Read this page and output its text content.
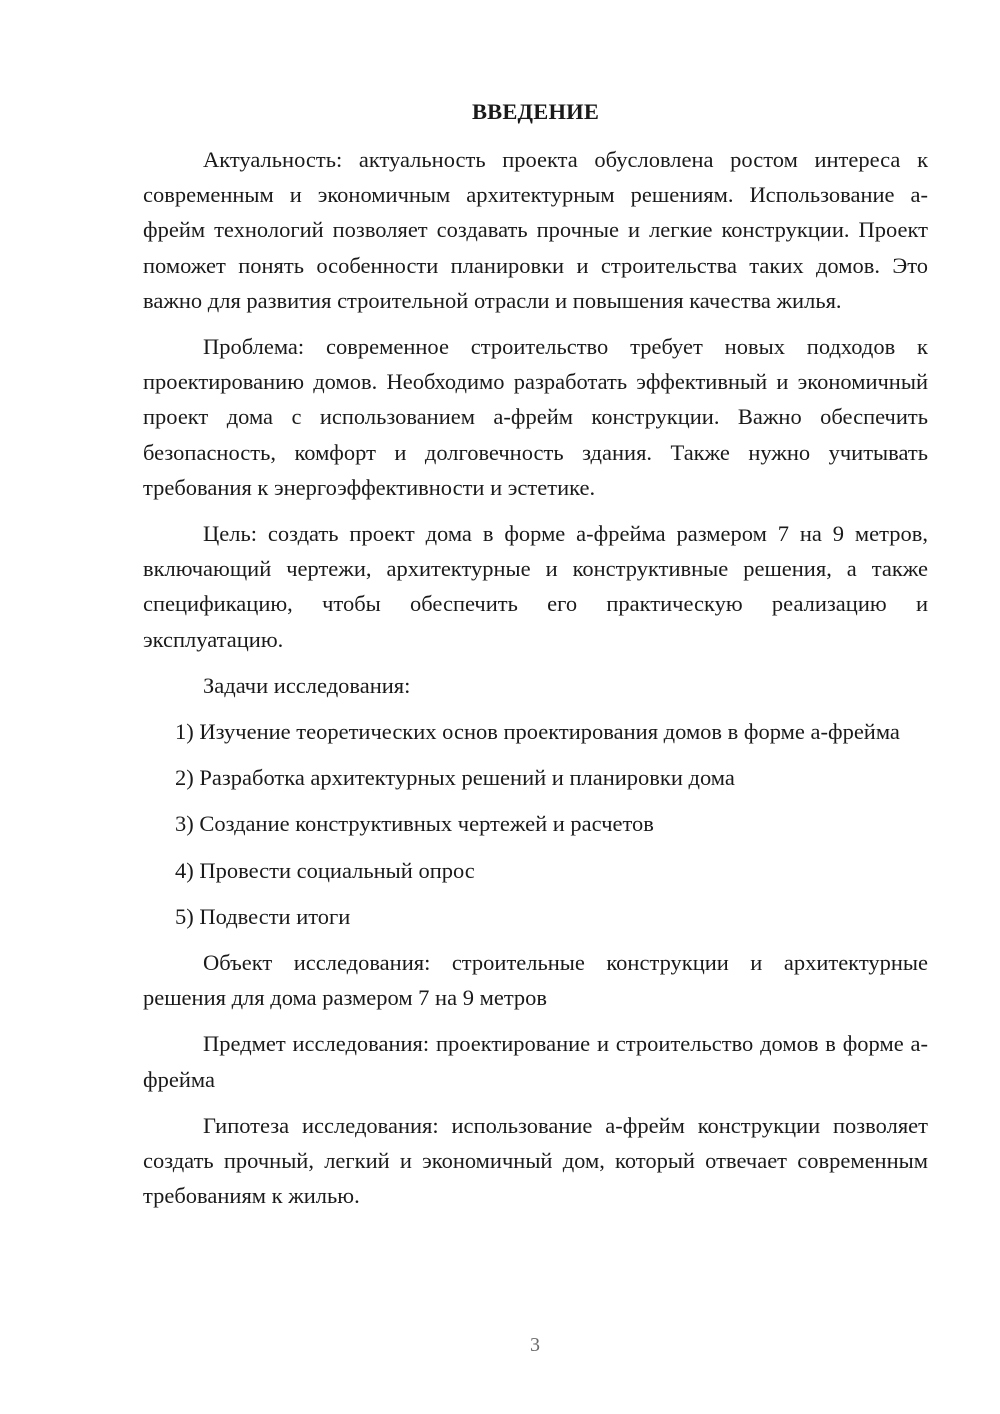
ВВЕДЕНИЕ

Актуальность: актуальность проекта обусловлена ростом интереса к современным и экономичным архитектурным решениям. Использование а-фрейм технологий позволяет создавать прочные и легкие конструкции. Проект поможет понять особенности планировки и строительства таких домов. Это важно для развития строительной отрасли и повышения качества жилья.

Проблема: современное строительство требует новых подходов к проектированию домов. Необходимо разработать эффективный и экономичный проект дома с использованием а-фрейм конструкции. Важно обеспечить безопасность, комфорт и долговечность здания. Также нужно учитывать требования к энергоэффективности и эстетике.

Цель: создать проект дома в форме а-фрейма размером 7 на 9 метров, включающий чертежи, архитектурные и конструктивные решения, а также спецификацию, чтобы обеспечить его практическую реализацию и эксплуатацию.

Задачи исследования:

1) Изучение теоретических основ проектирования домов в форме а-фрейма

2) Разработка архитектурных решений и планировки дома

3) Создание конструктивных чертежей и расчетов

4) Провести социальный опрос

5) Подвести итоги

Объект исследования: строительные конструкции и архитектурные решения для дома размером 7 на 9 метров

Предмет исследования: проектирование и строительство домов в форме а-фрейма

Гипотеза исследования: использование а-фрейм конструкции позволяет создать прочный, легкий и экономичный дом, который отвечает современным требованиям к жилью.

3
